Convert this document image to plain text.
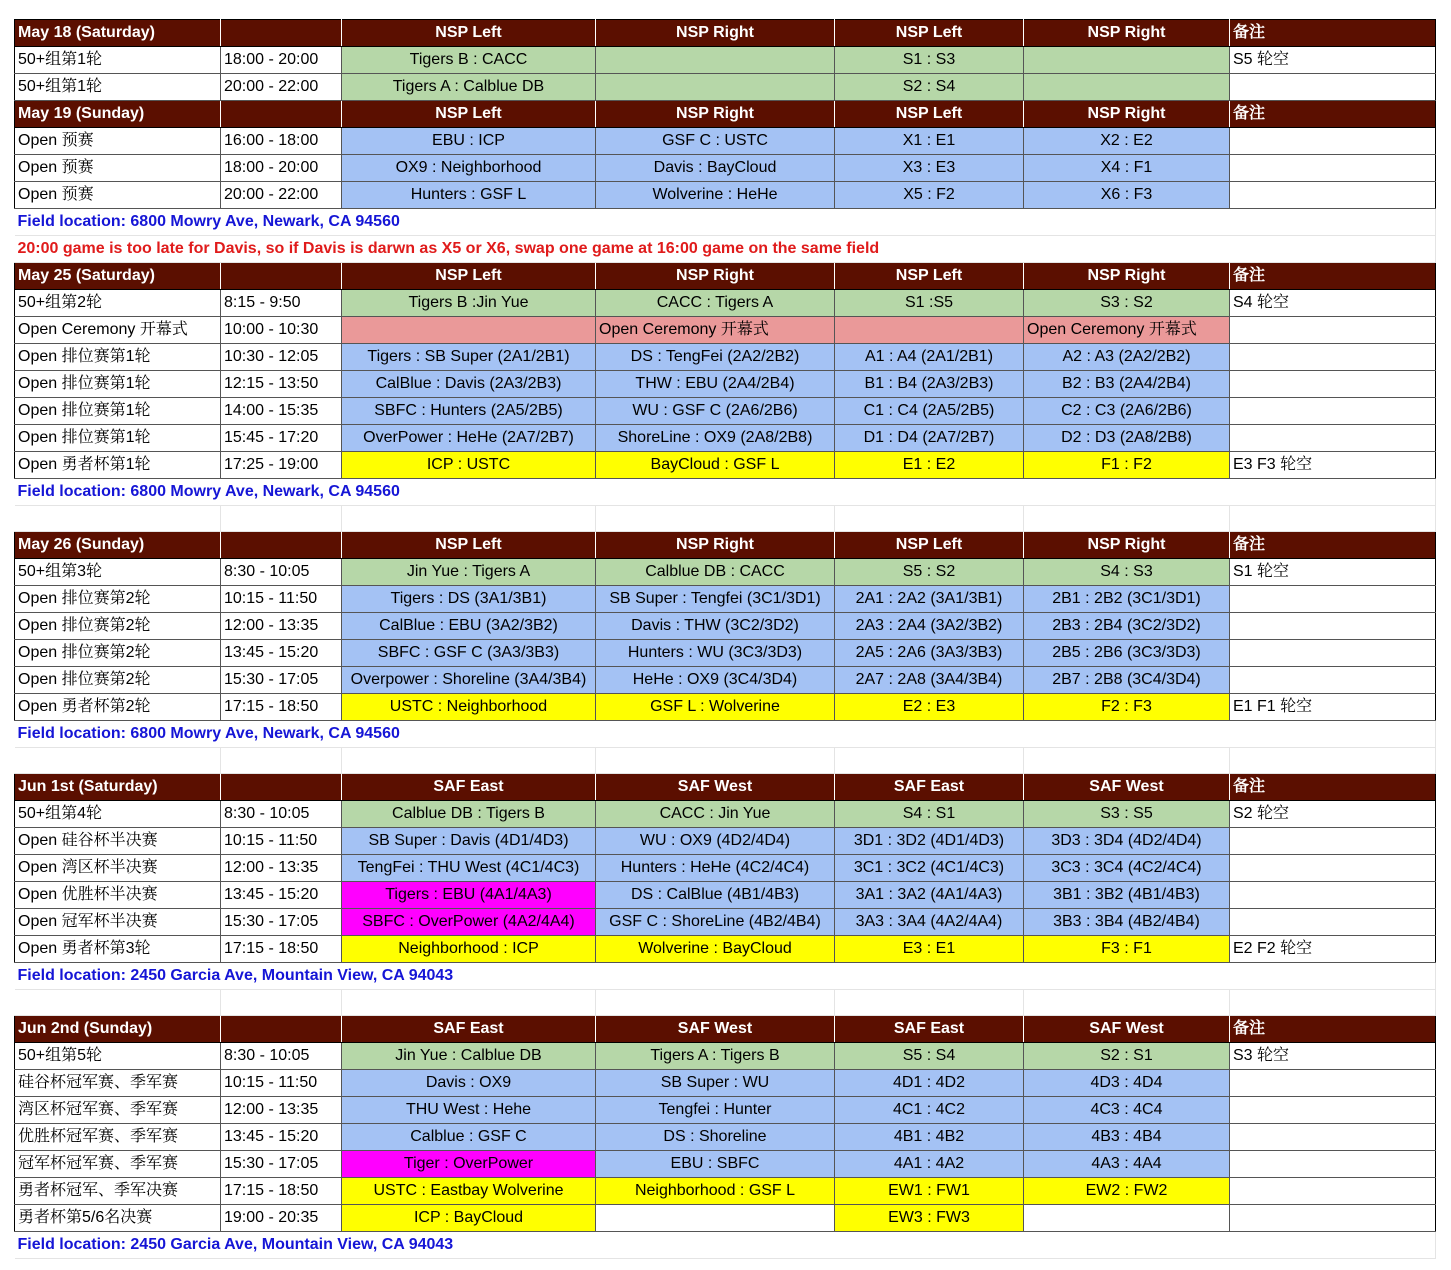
May 18 (Saturday)		NSP Left	NSP Right	NSP Left	NSP Right	备注
50+组第1轮	18:00 - 20:00	Tigers B : CACC		S1 : S3		S5 轮空
50+组第1轮	20:00 - 22:00	Tigers A : Calblue DB		S2 : S4		
May 19 (Sunday)		NSP Left	NSP Right	NSP Left	NSP Right	备注
Open 预赛	16:00 - 18:00	EBU : ICP	GSF C : USTC	X1 : E1	X2 : E2	
Open 预赛	18:00 - 20:00	OX9 : Neighborhood	Davis : BayCloud	X3 : E3	X4 : F1	
Open 预赛	20:00 - 22:00	Hunters : GSF L	Wolverine : HeHe	X5 : F2	X6 : F3	
Field location: 6800 Mowry Ave, Newark, CA 94560						
20:00 game is too late for Davis, so if Davis is darwn as X5 or X6, swap one game at 16:00 game on the same field						
May 25 (Saturday)		NSP Left	NSP Right	NSP Left	NSP Right	备注
50+组第2轮	8:15 - 9:50	Tigers B :Jin Yue	CACC : Tigers A	S1 :S5	S3 : S2	S4 轮空
Open Ceremony 开幕式	10:00 - 10:30		Open Ceremony 开幕式		Open Ceremony 开幕式	
Open 排位赛第1轮	10:30 - 12:05	Tigers : SB Super (2A1/2B1)	DS : TengFei (2A2/2B2)	A1 : A4 (2A1/2B1)	A2 : A3 (2A2/2B2)	
Open 排位赛第1轮	12:15 - 13:50	CalBlue : Davis (2A3/2B3)	THW : EBU (2A4/2B4)	B1 : B4 (2A3/2B3)	B2 : B3 (2A4/2B4)	
Open 排位赛第1轮	14:00 - 15:35	SBFC : Hunters (2A5/2B5)	WU : GSF C (2A6/2B6)	C1 : C4 (2A5/2B5)	C2 : C3 (2A6/2B6)	
Open 排位赛第1轮	15:45 - 17:20	OverPower : HeHe (2A7/2B7)	ShoreLine : OX9 (2A8/2B8)	D1 : D4 (2A7/2B7)	D2 : D3 (2A8/2B8)	
Open 勇者杯第1轮	17:25 - 19:00	ICP : USTC	BayCloud : GSF L	E1 : E2	F1 : F2	E3 F3 轮空
Field location: 6800 Mowry Ave, Newark, CA 94560						

May 26 (Sunday)		NSP Left	NSP Right	NSP Left	NSP Right	备注
50+组第3轮	8:30 - 10:05	Jin Yue : Tigers A	Calblue DB : CACC	S5 : S2	S4 : S3	S1 轮空
Open 排位赛第2轮	10:15 - 11:50	Tigers : DS (3A1/3B1)	SB Super : Tengfei (3C1/3D1)	2A1 : 2A2 (3A1/3B1)	2B1 : 2B2 (3C1/3D1)	
Open 排位赛第2轮	12:00 - 13:35	CalBlue : EBU (3A2/3B2)	Davis : THW (3C2/3D2)	2A3 : 2A4 (3A2/3B2)	2B3 : 2B4 (3C2/3D2)	
Open 排位赛第2轮	13:45 - 15:20	SBFC : GSF C (3A3/3B3)	Hunters : WU (3C3/3D3)	2A5 : 2A6 (3A3/3B3)	2B5 : 2B6 (3C3/3D3)	
Open 排位赛第2轮	15:30 - 17:05	Overpower : Shoreline (3A4/3B4)	HeHe : OX9 (3C4/3D4)	2A7 : 2A8 (3A4/3B4)	2B7 : 2B8 (3C4/3D4)	
Open 勇者杯第2轮	17:15 - 18:50	USTC : Neighborhood	GSF L : Wolverine	E2 : E3	F2 : F3	E1 F1 轮空
Field location: 6800 Mowry Ave, Newark, CA 94560						

Jun 1st (Saturday)		SAF East	SAF West	SAF East	SAF West	备注
50+组第4轮	8:30 - 10:05	Calblue DB : Tigers B	CACC : Jin Yue	S4 : S1	S3 : S5	S2 轮空
Open 硅谷杯半决赛	10:15 - 11:50	SB Super : Davis (4D1/4D3)	WU : OX9 (4D2/4D4)	3D1 : 3D2 (4D1/4D3)	3D3 : 3D4 (4D2/4D4)	
Open 湾区杯半决赛	12:00 - 13:35	TengFei : THU West (4C1/4C3)	Hunters : HeHe (4C2/4C4)	3C1 : 3C2 (4C1/4C3)	3C3 : 3C4 (4C2/4C4)	
Open 优胜杯半决赛	13:45 - 15:20	Tigers : EBU (4A1/4A3)	DS : CalBlue (4B1/4B3)	3A1 : 3A2 (4A1/4A3)	3B1 : 3B2 (4B1/4B3)	
Open 冠军杯半决赛	15:30 - 17:05	SBFC : OverPower (4A2/4A4)	GSF C : ShoreLine (4B2/4B4)	3A3 : 3A4 (4A2/4A4)	3B3 : 3B4 (4B2/4B4)	
Open 勇者杯第3轮	17:15 - 18:50	Neighborhood : ICP	Wolverine : BayCloud	E3 : E1	F3 : F1	E2 F2 轮空
Field location: 2450 Garcia Ave, Mountain View, CA 94043						

Jun 2nd (Sunday)		SAF East	SAF West	SAF East	SAF West	备注
50+组第5轮	8:30 - 10:05	Jin Yue : Calblue DB	Tigers A : Tigers B	S5 : S4	S2 : S1	S3 轮空
硅谷杯冠军赛、季军赛	10:15 - 11:50	Davis : OX9	SB Super : WU	4D1 : 4D2	4D3 : 4D4	
湾区杯冠军赛、季军赛	12:00 - 13:35	THU West : Hehe	Tengfei : Hunter	4C1 : 4C2	4C3 : 4C4	
优胜杯冠军赛、季军赛	13:45 - 15:20	Calblue : GSF C	DS : Shoreline	4B1 : 4B2	4B3 : 4B4	
冠军杯冠军赛、季军赛	15:30 - 17:05	Tiger : OverPower	EBU : SBFC	4A1 : 4A2	4A3 : 4A4	
勇者杯冠军、季军决赛	17:15 - 18:50	USTC : Eastbay Wolverine	Neighborhood : GSF L	EW1 : FW1	EW2 : FW2	
勇者杯第5/6名决赛	19:00 - 20:35	ICP : BayCloud		EW3 : FW3		
Field location: 2450 Garcia Ave, Mountain View, CA 94043						
